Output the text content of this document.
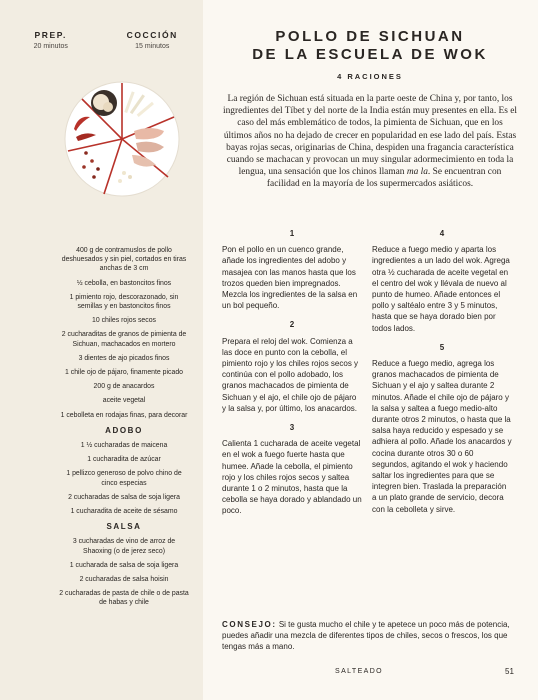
PREP.
20 minutos
COCCIÓN
15 minutos

400 g de contramuslos de pollo deshuesados y sin piel, cortados en tiras anchas de 3 cm

½ cebolla, en bastoncitos finos

1 pimiento rojo, descorazonado, sin semillas y en bastoncitos finos

10 chiles rojos secos

2 cucharaditas de granos de pimienta de Sichuan, machacados en mortero

3 dientes de ajo picados finos

1 chile ojo de pájaro, finamente picado

200 g de anacardos

aceite vegetal

1 cebolleta en rodajas finas, para decorar

ADOBO

1 ½ cucharadas de maicena

1 cucharadita de azúcar

1 pellizco generoso de polvo chino de cinco especias

2 cucharadas de salsa de soja ligera

1 cucharadita de aceite de sésamo

SALSA

3 cucharadas de vino de arroz de Shaoxing (o de jerez seco)

1 cucharada de salsa de soja ligera

2 cucharadas de salsa hoisin

2 cucharadas de pasta de chile o de pasta de habas y chile

POLLO DE SICHUAN
DE LA ESCUELA DE WOK
4 RACIONES
La región de Sichuan está situada en la parte oeste de China y, por tanto, los ingredientes del Tíbet y del norte de la India están muy presentes en ella. Es el caso del más emblemático de todos, la pimienta de Sichuan, que en los últimos años no ha dejado de crecer en popularidad en ese lado del país. Estas bayas rojas secas, originarias de China, despiden una fragancia característica cuando se machacan y provocan un muy singular adormecimiento en toda la lengua, una sensación que los chinos llaman ma la. Se encuentran con facilidad en la mayoría de los supermercados asiáticos.
1

Pon el pollo en un cuenco grande, añade los ingredientes del adobo y masajea con las manos hasta que los trozos queden bien impregnados. Mezcla los ingredientes de la salsa en un bol pequeño.

2

Prepara el reloj del wok. Comienza a las doce en punto con la cebolla, el pimiento rojo y los chiles rojos secos y continúa con el pollo adobado, los granos machacados de pimienta de Sichuan y el ajo, el chile ojo de pájaro y la salsa y, por último, los anacardos.

3

Calienta 1 cucharada de aceite vegetal en el wok a fuego fuerte hasta que humee. Añade la cebolla, el pimiento rojo y los chiles rojos secos y saltea durante 1 o 2 minutos, hasta que la cebolla se haya dorado y ablandado un poco.

4

Reduce a fuego medio y aparta los ingredientes a un lado del wok. Agrega otra ½ cucharada de aceite vegetal en el centro del wok y llévala de nuevo al punto de humeo. Añade entonces el pollo y saltéalo entre 3 y 5 minutos, hasta que se haya dorado bien por todos lados.

5

Reduce a fuego medio, agrega los granos machacados de pimienta de Sichuan y el ajo y saltea durante 2 minutos. Añade el chile ojo de pájaro y la salsa y saltea a fuego medio-alto durante otros 2 minutos, o hasta que la salsa haya reducido y espesado y se adhiera al pollo. Añade los anacardos y cocina durante otros 30 o 60 segundos, agitando el wok y haciendo saltar los ingredientes para que se integren bien. Traslada la preparación a un plato grande de servicio, decora con la cebolleta y sirve.

CONSEJO: Si te gusta mucho el chile y te apetece un poco más de potencia, puedes añadir una mezcla de diferentes tipos de chiles, secos o frescos, los que tengas más a mano.
SALTEADO	51
